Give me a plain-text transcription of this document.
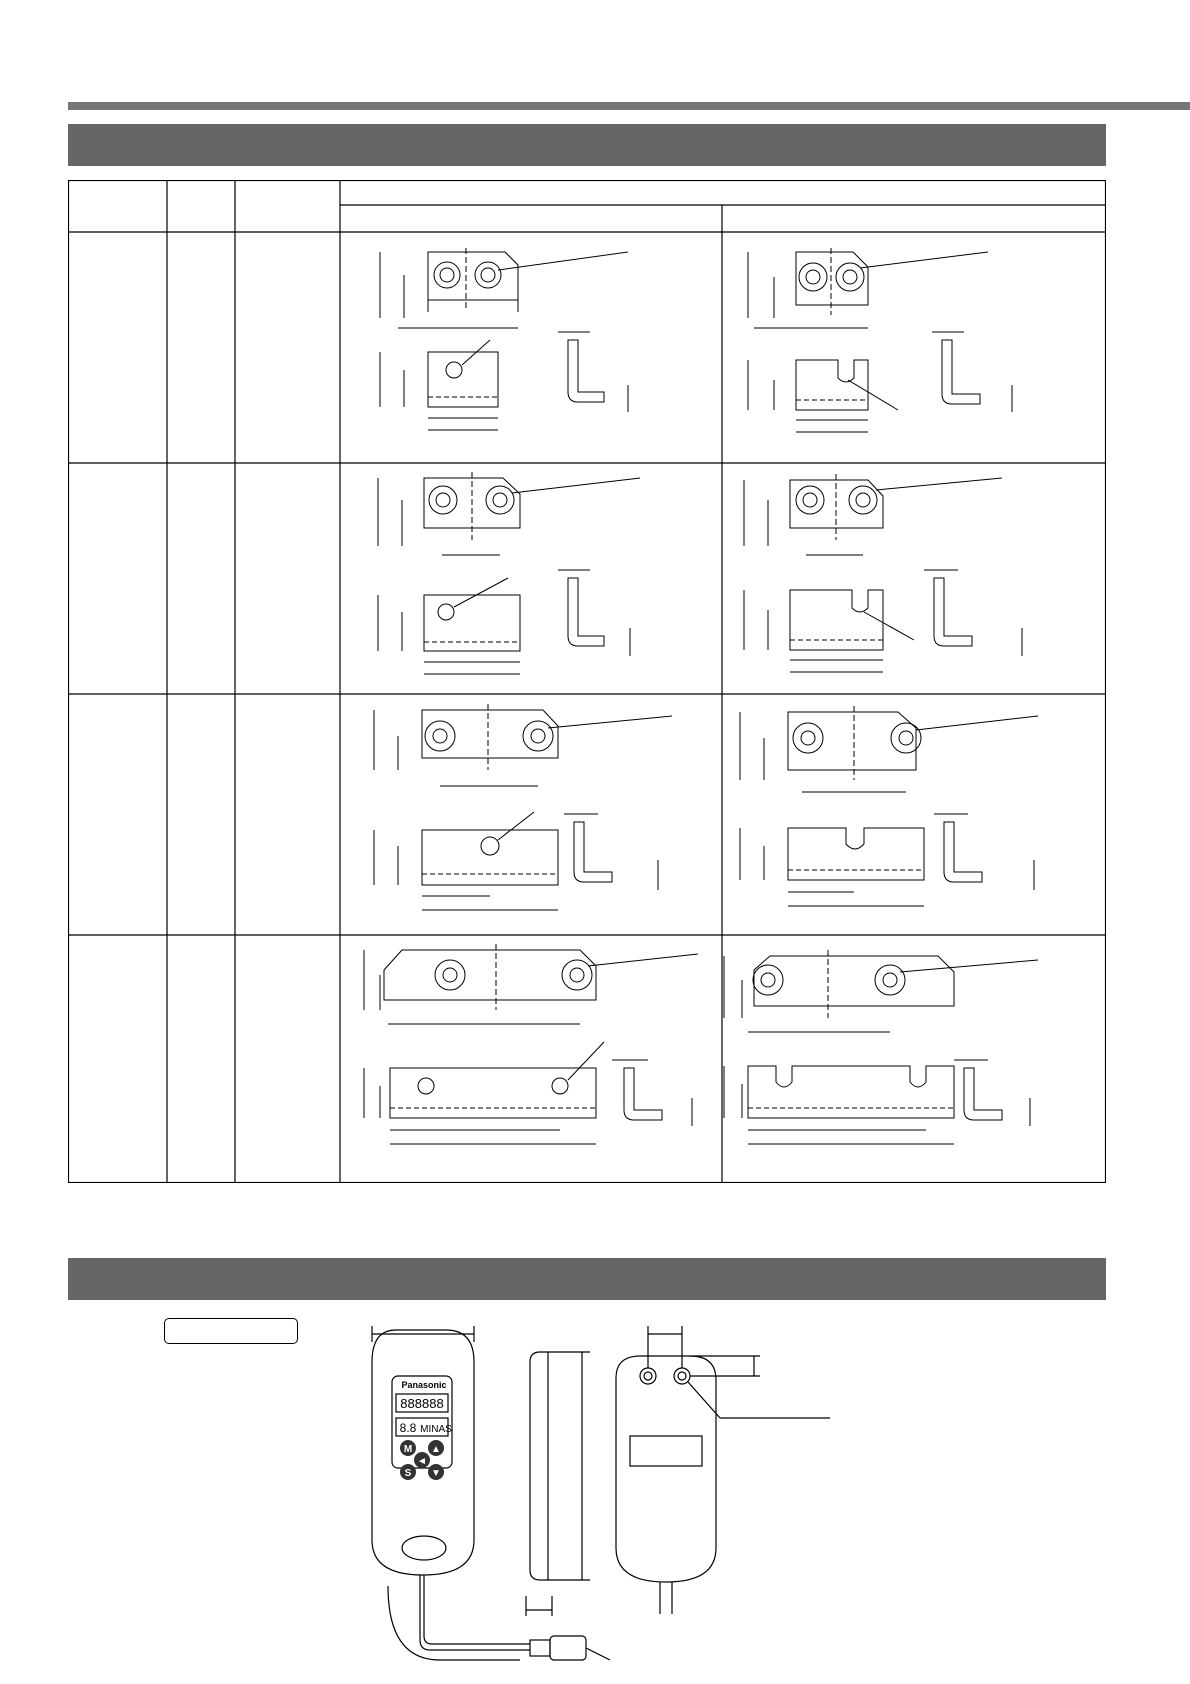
Panasonic
888888
8.8 MINAS
M ▲
◄
S ▼
